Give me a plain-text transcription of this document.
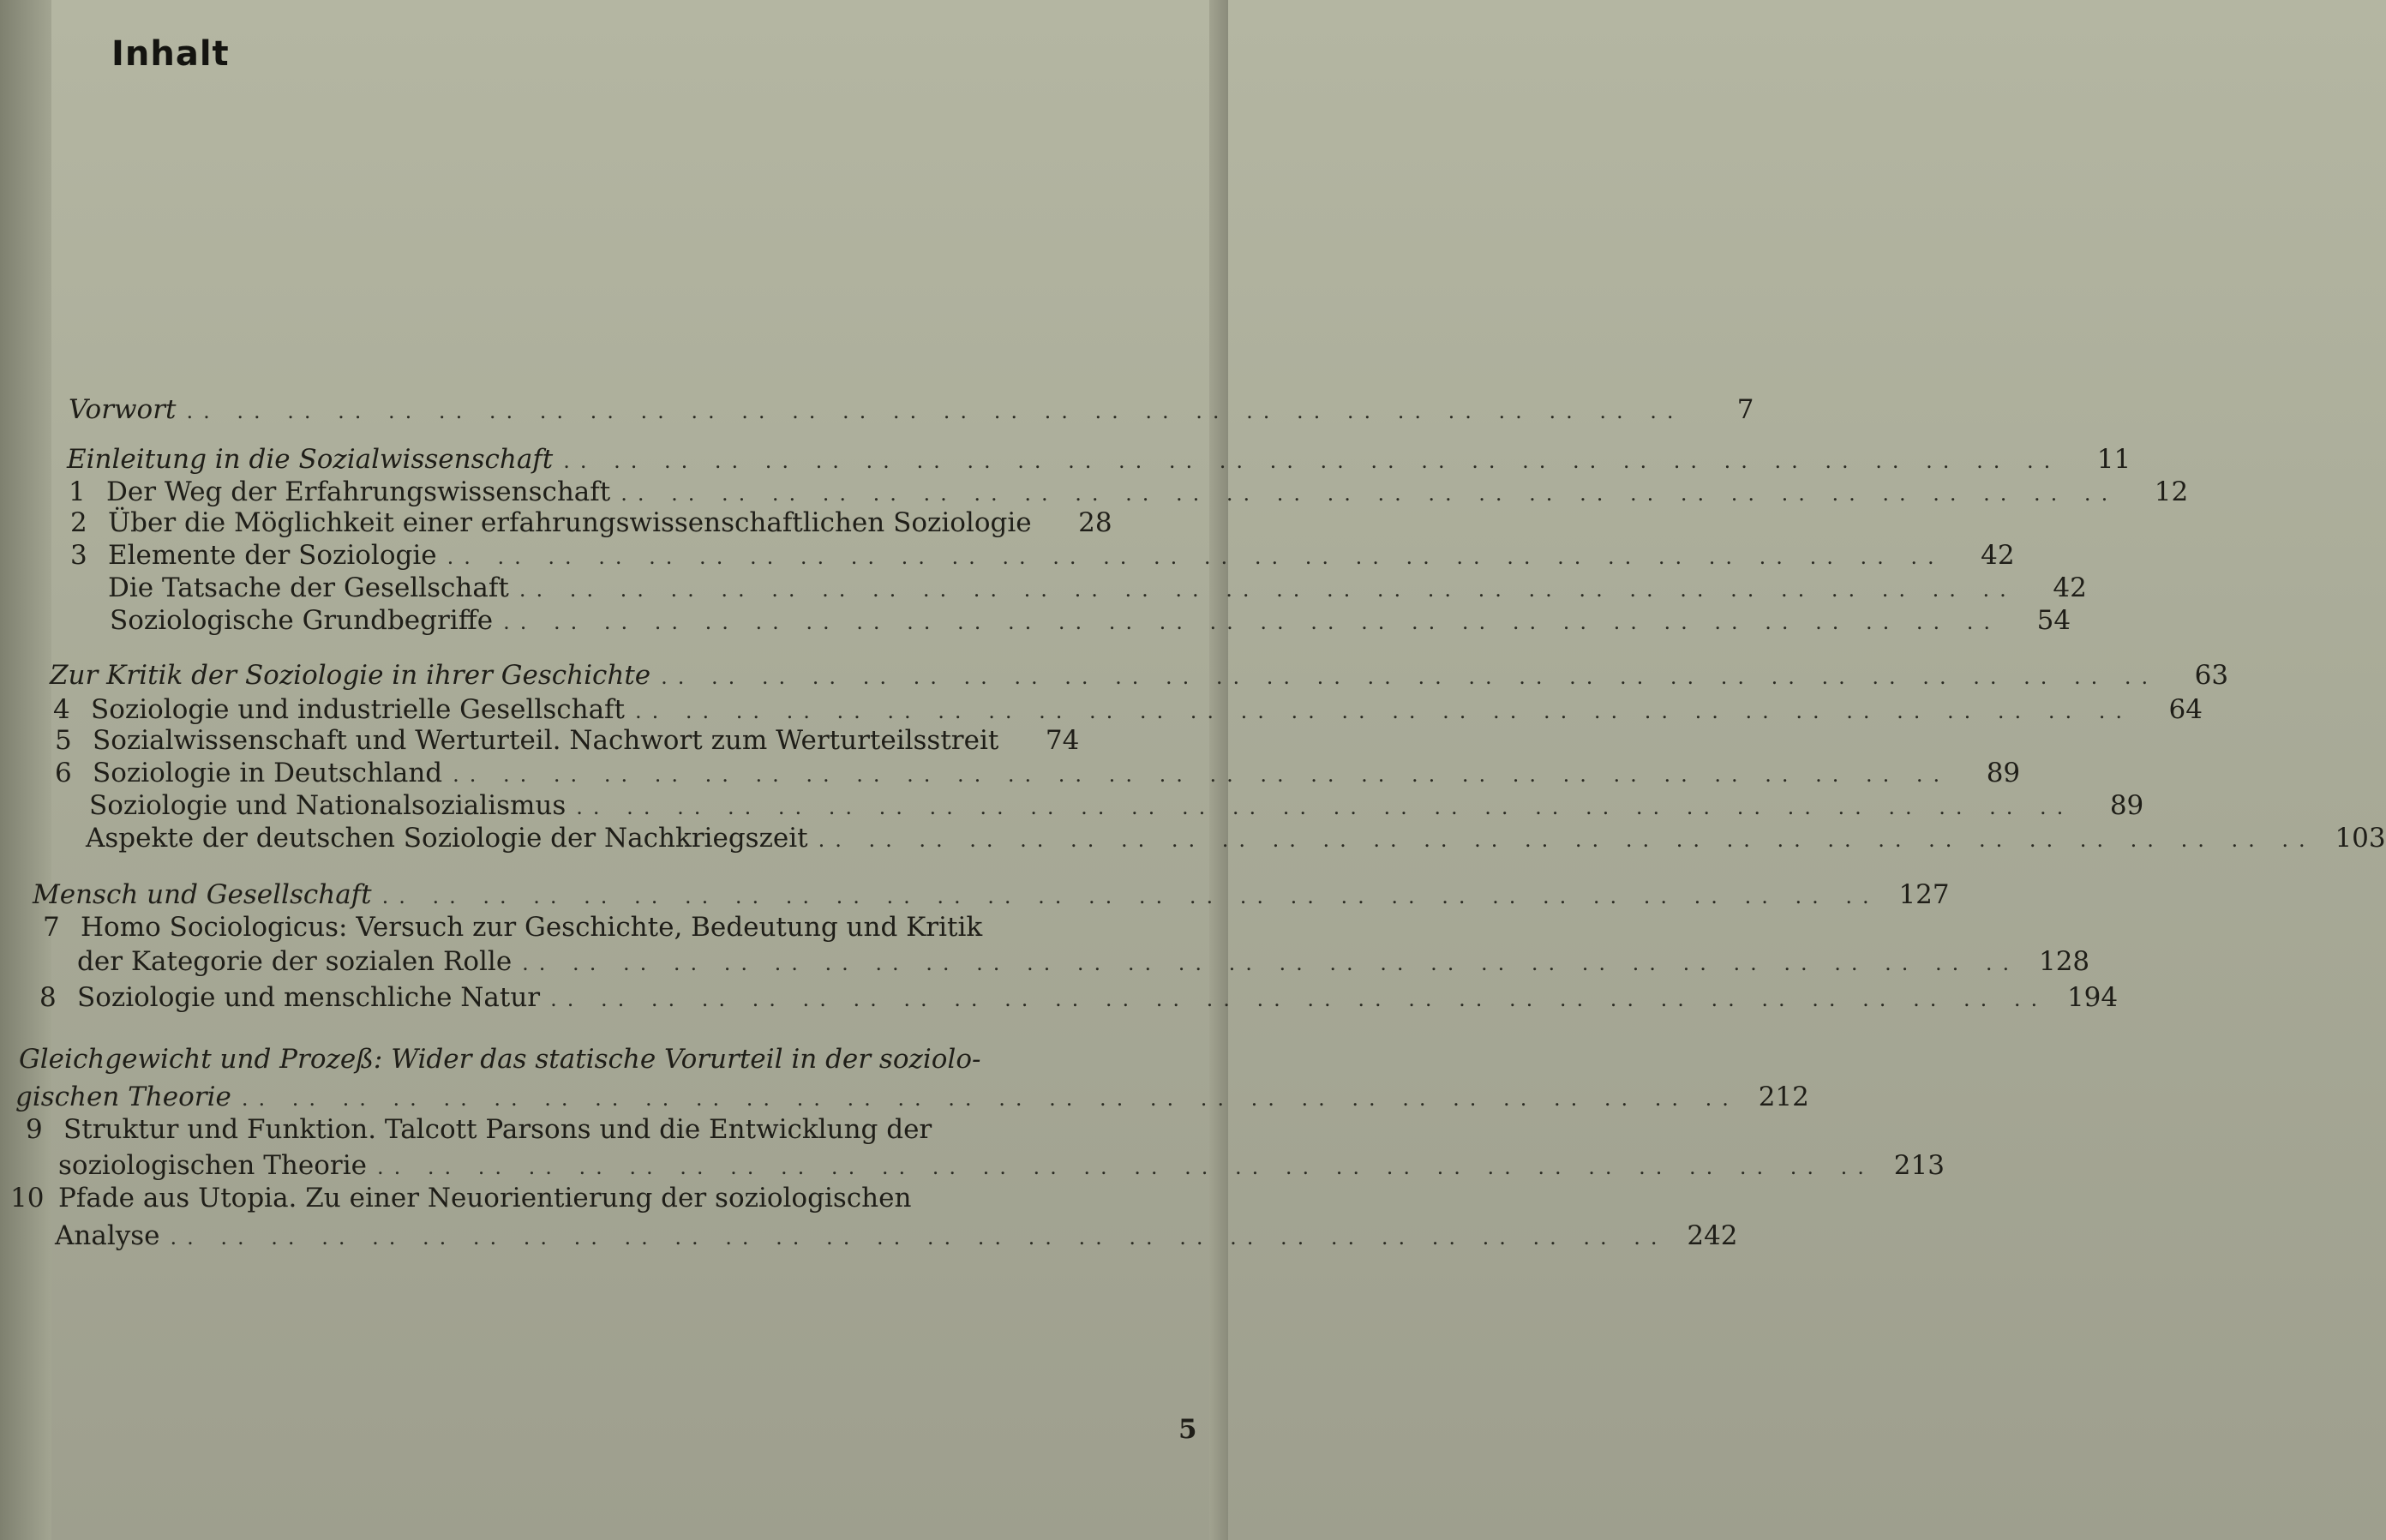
Inhalt
Vorwort .. ..	7
Einleitung in die Sozialwissenschaft .. ..	11
1 Der Weg der Erfahrungswissenschaft .. ..	12
2 Über die Möglichkeit einer erfahrungswissenschaftlichen Soziologie	28
3 Elemente der Soziologie .. ..	42
Die Tatsache der Gesellschaft .. ..	42
Soziologische Grundbegriffe .. ..	54
Zur Kritik der Soziologie in ihrer Geschichte .. ..	63
4 Soziologie und industrielle Gesellschaft .. ..	64
5 Sozialwissenschaft und Werturteil. Nachwort zum Werturteilsstreit	74
6 Soziologie in Deutschland .. ..	89
Soziologie und Nationalsozialismus .. ..	89
Aspekte der deutschen Soziologie der Nachkriegszeit .. ..	103
Mensch und Gesellschaft .. ..	127
7 Homo Sociologicus: Versuch zur Geschichte, Bedeutung und Kritik
der Kategorie der sozialen Rolle .. ..	128
8 Soziologie und menschliche Natur .. ..	194
Gleichgewicht und Prozeß: Wider das statische Vorurteil in der soziolo-
gischen Theorie .. ..	212
9 Struktur und Funktion. Talcott Parsons und die Entwicklung der
soziologischen Theorie .. ..	213
10 Pfade aus Utopia. Zu einer Neuorientierung der soziologischen
Analyse .. ..	242
5
